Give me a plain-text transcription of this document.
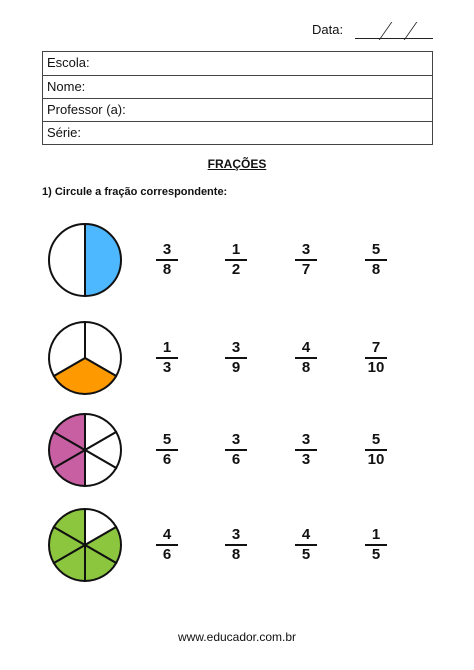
Data:
Escola:
Nome:
Professor (a):
Série:
FRAÇÕES
1) Circule a fração correspondente:
3
8
1
2
3
7
5
8
1
3
3
9
4
8
7
10
5
6
3
6
3
3
5
10
4
6
3
8
4
5
1
5
www.educador.com.br
